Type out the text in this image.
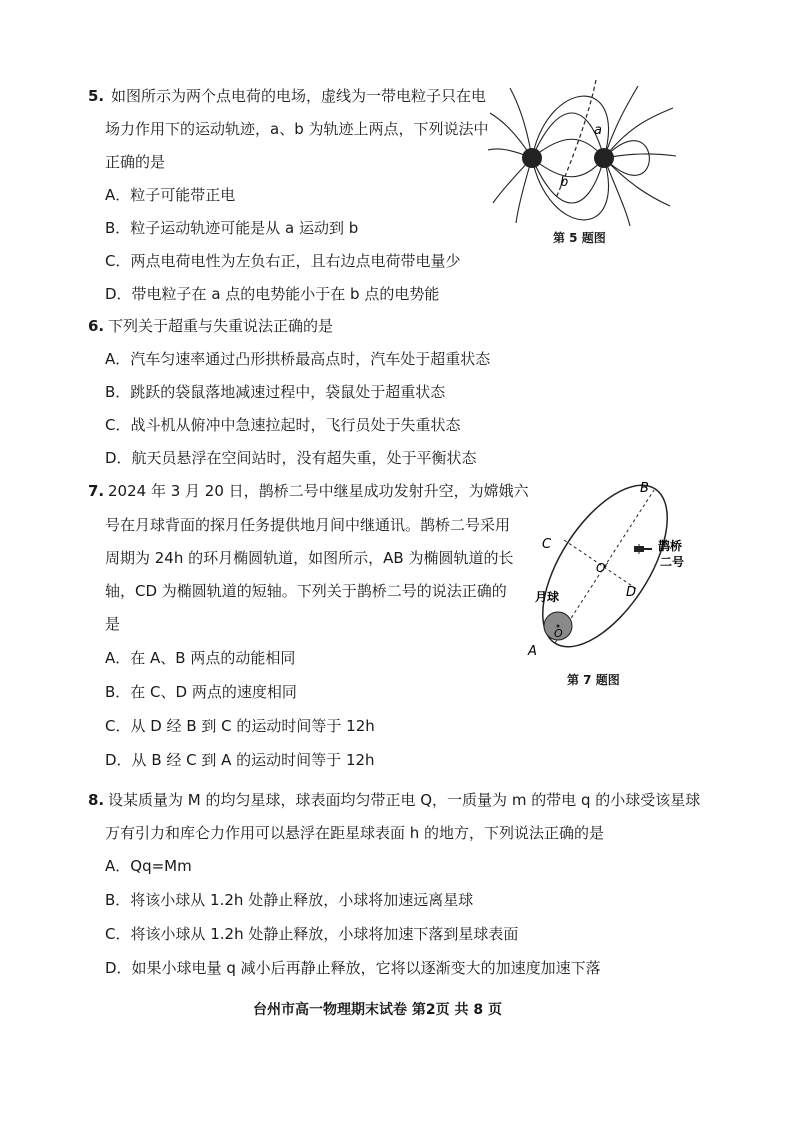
5. 如图所示为两个点电荷的电场，虚线为一带电粒子只在电
场力作用下的运动轨迹，a、b 为轨迹上两点，下列说法中
正确的是
A．粒子可能带正电
B．粒子运动轨迹可能是从 a 运动到 b
C．两点电荷电性为左负右正，且右边点电荷带电量少
D．带电粒子在 a 点的电势能小于在 b 点的电势能
a
b
第 5 题图
6. 下列关于超重与失重说法正确的是
A．汽车匀速率通过凸形拱桥最高点时，汽车处于超重状态
B．跳跃的袋鼠落地减速过程中，袋鼠处于超重状态
C．战斗机从俯冲中急速拉起时，飞行员处于失重状态
D．航天员悬浮在空间站时，没有超失重，处于平衡状态
7. 2024 年 3 月 20 日，鹊桥二号中继星成功发射升空，为嫦娥六
号在月球背面的探月任务提供地月间中继通讯。鹊桥二号采用
周期为 24h 的环月椭圆轨道，如图所示，AB 为椭圆轨道的长
轴，CD 为椭圆轨道的短轴。下列关于鹊桥二号的说法正确的
是
A．在 A、B 两点的动能相同
B．在 C、D 两点的速度相同
C．从 D 经 B 到 C 的运动时间等于 12h
D．从 B 经 C 到 A 的运动时间等于 12h
B
C
O′
D
月球
O
A
鹊桥
二号
第 7 题图
8. 设某质量为 M 的均匀星球，球表面均匀带正电 Q，一质量为 m 的带电 q 的小球受该星球
万有引力和库仑力作用可以悬浮在距星球表面 h 的地方，下列说法正确的是
A．Qq=Mm
B．将该小球从 1.2h 处静止释放，小球将加速远离星球
C．将该小球从 1.2h 处静止释放，小球将加速下落到星球表面
D．如果小球电量 q 减小后再静止释放，它将以逐渐变大的加速度加速下落
台州市高一物理期末试卷 第2页 共 8 页
